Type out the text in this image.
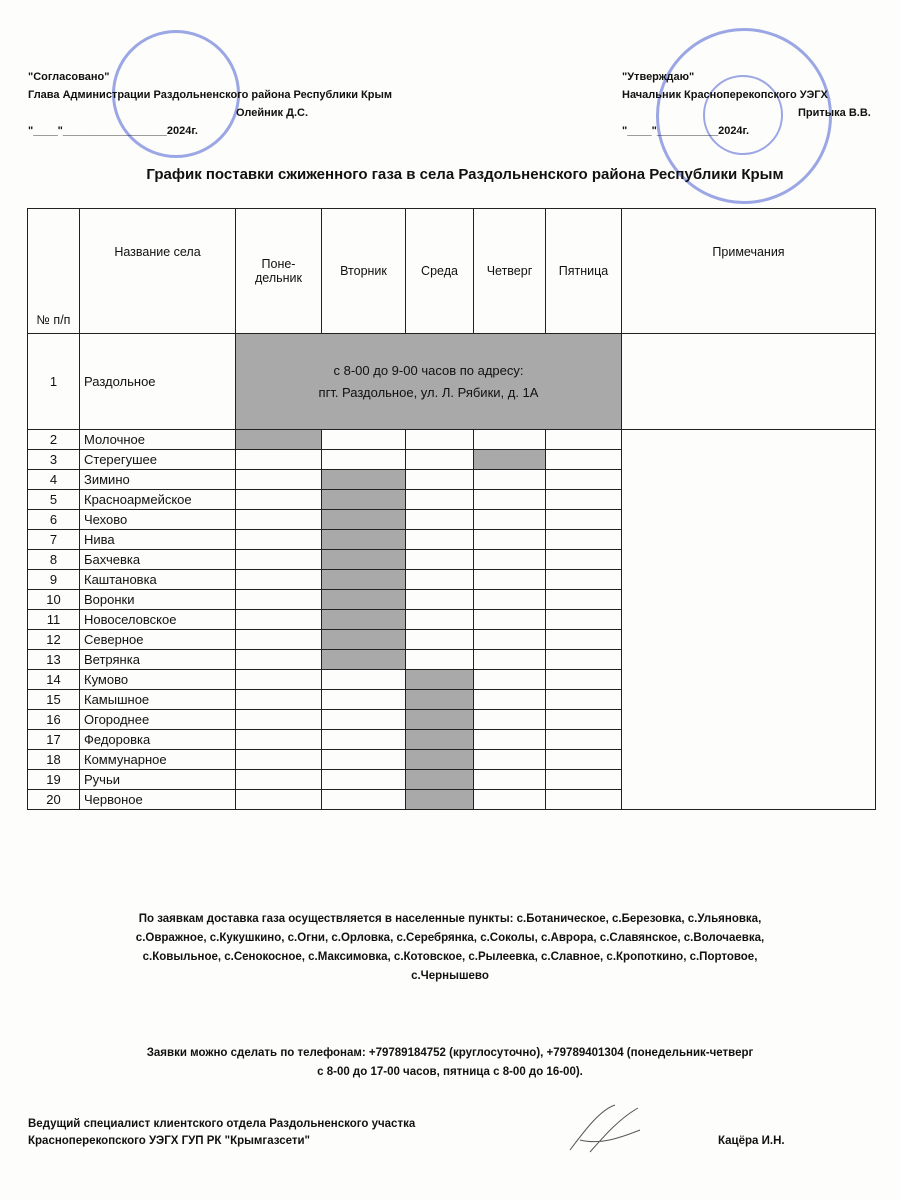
"Согласовано"
Глава Администрации Раздольненского района Республики Крым
Олейник Д.С.
"____"_________________2024г.
"Утверждаю"
Начальник Красноперекопского УЭГХ
Притыка В.В.
"____"__________2024г.
График поставки сжиженного газа в села Раздольненского района Республики Крым
№ п/п	Название села	Поне- дельник	Вторник	Среда	Четверг	Пятница	Примечания
1	Раздольное	с 8-00 до 9-00 часов по адресу:
пгт. Раздольное, ул. Л. Рябики, д. 1А					

2	Молочное						
3	Стерегушее						
4	Зимино						
5	Красноармейское						
6	Чехово						
7	Нива						
8	Бахчевка						
9	Каштановка						
10	Воронки						
11	Новоселовское						
12	Северное						
13	Ветрянка						
14	Кумово						
15	Камышное						
16	Огороднее						
17	Федоровка						
18	Коммунарное						
19	Ручьи						
20	Червоное						
По заявкам доставка газа осуществляется в населенные пункты: с.Ботаническое, с.Березовка, с.Ульяновка,
с.Овражное, с.Кукушкино, с.Огни, с.Орловка, с.Серебрянка, с.Соколы, с.Аврора, с.Славянское, с.Волочаевка,
с.Ковыльное, с.Сенокосное, с.Максимовка, с.Котовское, с.Рылеевка, с.Славное, с.Кропоткино, с.Портовое,
с.Чернышево
Заявки можно сделать по телефонам: +79789184752 (круглосуточно), +79789401304 (понедельник-четверг
с 8-00 до 17-00 часов, пятница с 8-00 до 16-00).
Ведущий специалист клиентского отдела Раздольненского участка
Красноперекопского УЭГХ ГУП РК "Крымгазсети"	Кацёра И.Н.
